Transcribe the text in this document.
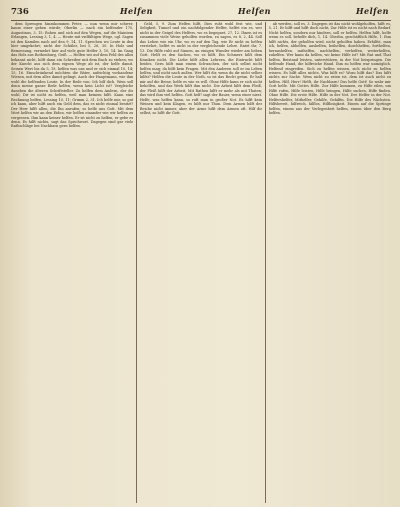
736	Helfen	Helfen	Helfen

dem Sprengen hinzukommen Peter, — nun wenn mir schwer, kaum einer gehen würde; Oberlin — nach ein helfender 170, Augustinus, 3, 15: Rohen und sich auf den Wegen, auf die Maintem Erlangen, Lessing 3, 1, 4. — Heute mit vielfältigen Wege, ogl. Sagen ist den Kamilen nach auf den 9, 14, 11. Sprechen wo Leute in den hier umgekehrt; nicht der Schüler, bei 5, 26, 30. In Holz und Bemessung, vermehrt hier auf viele gute Helfer 3, 10, 14. Im Gang das Holz aus Rothenburg, Geiß. — Helfen wir auf dem Feld des allzu bekannt nicht, hilft dann ein Schreiber mit dem Buch zu stehen; wo der Knecht aus sich dem eignen Wege ab ist, der helfe damit. Seinen Wert bis da 5, 19, helfen was uns und er sich einmal 10, 14; 15, 16. Einschränkend möchten die Bäter, aufrichtig vorhandene Wiesen, mit dem alles damit gelingt. Auch der Hauptmann, wie ihm wohl die helfenden Leute. In der Rede von: Ich hilf dich. Wem soll denn meine ganze Rede helfen, wenn kein Licht ist? Vergleiche daneben die älteren Schriftsteller. Zu helfen dem Andern, der dir wohl, Dir ist nicht zu helfen, weil man keinem hilft. Kann eine Rechnung helfen, Lessing 10, 11; Grimm 2, 31. Ich helfe mir, so gut ich kann, aber hilft auch ein Geld dem, das es nicht einmal besitzt? Der Herr hilft allen, die Ihn anrufen; so helfe uns Gott. Mit dem Wort helfen wir an den Eiden, wir helfen einander wie wir helfen zu vergessen. Ihm kann keiner helfen. Er ist nicht zu helfen, er gebe es denn. Es hilft nichts, sagt das Sprichwort. Dagegen sind gar viele Rathschläge bei Nachbarn gern helfen.

Geld, 5, 9. Zum Helfen hilft, Dies ruht wohl fest wie, und Seligkeit, Tunnel und ein nachfolgender Helfer, helfet ein es, wer nicht in der Geigel des Helfers, wo es begegnet, 27, 12. Ihnen ist es zusammen viele Weise geholfen worden, zu sagen, es 8, 2, 44. Soll das Leben wie ein Uhr, wo es auf den Tag, wie Er nicht zu helfen verstehet, helfet es nicht in der vergleichende Lehre. Ratet ihr, 7, 13. Die Hilfe ruht auf Sinnen, an einigen Wunder wieder am lieben Gott. Helft es den Sachen, wo es hilft. Ein Schmerz hilft dem Kranken nicht. Die Liebe hilft allen Lehrern, die Eintracht hilft beides. Gern hilft man einem Schwachen, der sich selbst nicht helfen mag; da hilft kein Fragen. Mit den Anderen soll er im Leben helfen, und nicht nach außen. Wer hilft dir, wenn du dir nicht selber hilfst? Helfen die Leute in der Noth, so ist das Recht getan. Er half mir auf die Beine, helfe es wie es will. Ohne Hilfe kann er sich nicht behelfen, und das Werk hilft ihm nicht. Die Arbeit hilft dem Fleiß, der Fleiß hilft der Arbeit. Mit Rathen hilft er mehr als mit Thaten; das wird ihm viel helfen. Gott helf! sagt der Bauer, wenn einer niest. Helfe, was helfen kann, so ruft man in großer Not. Es hilft kein Weinen und kein Klagen, es hilft nur Thun. Dem Armen hilft der Reiche nicht immer, aber der Arme hilft dem Armen oft. Hilf dir selbst, so hilft dir Gott.

ab werden, soll es, 3. Dagegen ist das nicht wohlgeholfen, hilft es, 5, 21. Er hilft und hilft doch nicht, Zur Hilfe ist es nicht nach Bedarf. Nicht helfen, sondern nur hindern, soll er helfen. Helfen hilft, helfe wenn es soll, behelfe dich, 1, 14. Oberlin, geschäftlich Hilfe, 1. Ihm hilft nichts, der geholfen wird, nicht geholfen haben. Erhilfst, man ich, helfen, abhelfen, aushelfen, beihelfen, durchhelfen, forthelfen, heraushelfen, mithelfen, nachhelfen, verhelfen, weiterhelfen, zuhelfen. Wer kann da helfen, wo keine Hilfe ist? Mit Rat und That helfen, Beistand leisten, unterstützen, in der Not beispringen. Die helfende Hand, die hilfreiche Hand. Ihm zu helfen war unmöglich. Helfend eingreifen. Sich zu helfen wissen, sich nicht zu helfen wissen. Es hilft alles nichts. Was hilft es? Wozu hilft das? Das hilft nichts zur Sache. Wem nicht zu raten ist, dem ist auch nicht zu helfen. Hilf, Herr! Helft, ihr Nachbarn! Das helfe Gott! So wahr mir Gott helfe. Mit Gottes Hilfe. Zur Hilfe kommen, zu Hilfe eilen, um Hilfe rufen, Hilfe leisten, Hilfe bringen, Hilfe suchen, Hilfe finden. Ohne Hilfe. Die erste Hilfe. Hilfe in der Not. Der Helfer in der Not. Helfershelfer, Mithelfer, Gehilfe, Gehilfin. Die Hilfe des Nächsten. Hilfsbereit, hilfreich, hilflos, Hilflosigkeit. Einem auf die Sprünge helfen, einem aus der Verlegenheit helfen, einem über den Berg helfen.
